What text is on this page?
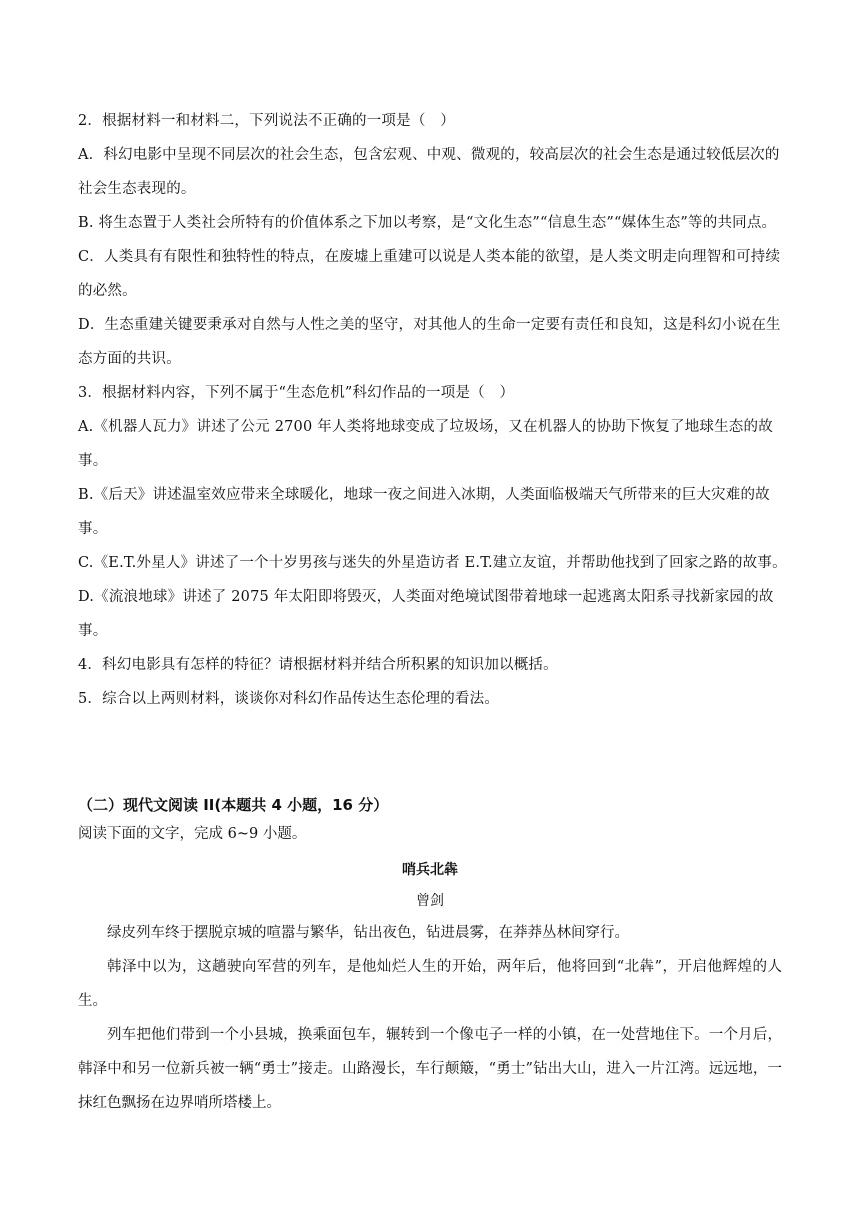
2．根据材料一和材料二，下列说法不正确的一项是（　）
A．科幻电影中呈现不同层次的社会生态，包含宏观、中观、微观的，较高层次的社会生态是通过较低层次的社会生态表现的。
B. 将生态置于人类社会所特有的价值体系之下加以考察，是“文化生态”“信息生态”“媒体生态”等的共同点。
C．人类具有有限性和独特性的特点，在废墟上重建可以说是人类本能的欲望，是人类文明走向理智和可持续的必然。
D．生态重建关键要秉承对自然与人性之美的坚守，对其他人的生命一定要有责任和良知，这是科幻小说在生态方面的共识。
3．根据材料内容，下列不属于“生态危机”科幻作品的一项是（　）
A.《机器人瓦力》讲述了公元 2700 年人类将地球变成了垃圾场，又在机器人的协助下恢复了地球生态的故事。
B.《后天》讲述温室效应带来全球暖化，地球一夜之间进入冰期，人类面临极端天气所带来的巨大灾难的故事。
C.《E.T.外星人》讲述了一个十岁男孩与迷失的外星造访者 E.T.建立友谊，并帮助他找到了回家之路的故事。
D.《流浪地球》讲述了 2075 年太阳即将毁灭，人类面对绝境试图带着地球一起逃离太阳系寻找新家园的故事。
4．科幻电影具有怎样的特征？请根据材料并结合所积累的知识加以概括。
5．综合以上两则材料，谈谈你对科幻作品传达生态伦理的看法。
（二）现代文阅读 II(本题共 4 小题，16 分）
阅读下面的文字，完成 6~9 小题。
哨兵北犇
曾剑
绿皮列车终于摆脱京城的喧嚣与繁华，钻出夜色，钻进晨雾，在莽莽丛林间穿行。
韩泽中以为，这趟驶向军营的列车，是他灿烂人生的开始，两年后，他将回到“北犇”，开启他辉煌的人生。
列车把他们带到一个小县城，换乘面包车，辗转到一个像屯子一样的小镇，在一处营地住下。一个月后，韩泽中和另一位新兵被一辆“勇士”接走。山路漫长，车行颠簸，“勇士”钻出大山，进入一片江湾。远远地，一抹红色飘扬在边界哨所塔楼上。
